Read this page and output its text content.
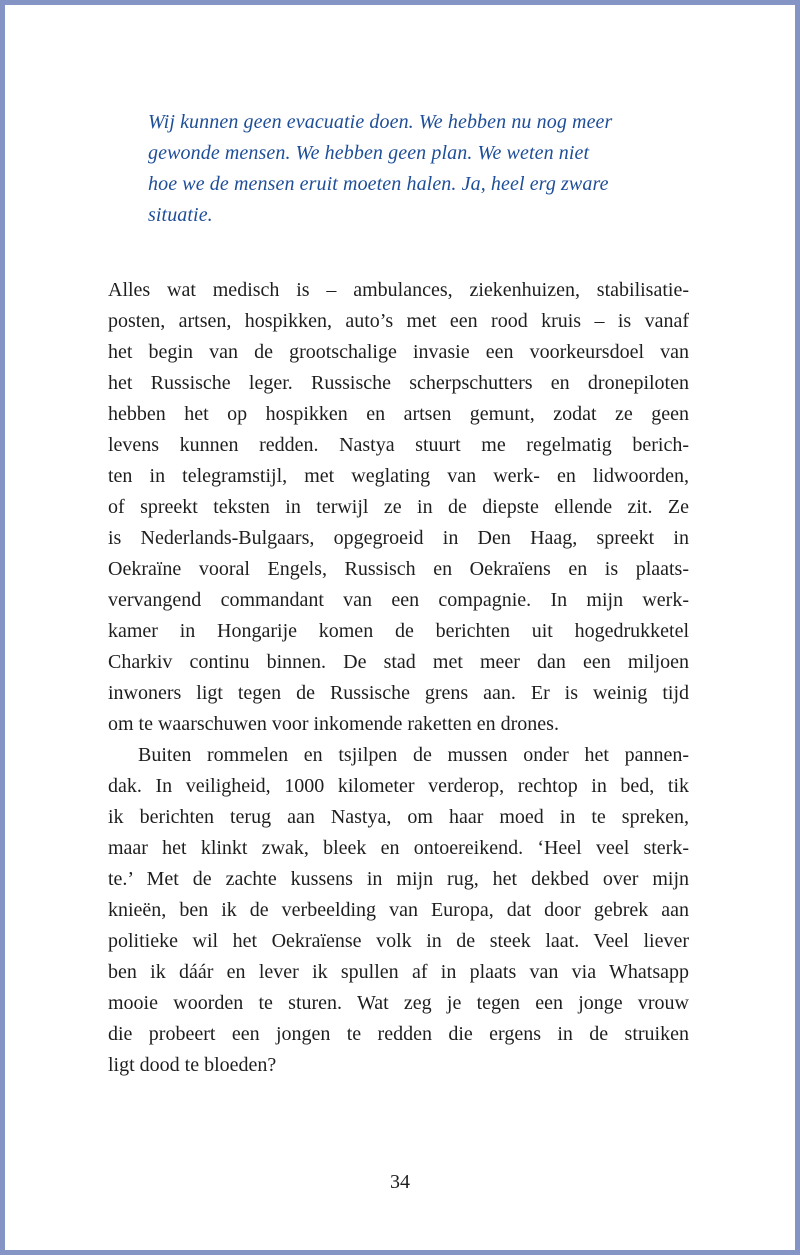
Wij kunnen geen evacuatie doen. We hebben nu nog meer
gewonde mensen. We hebben geen plan. We weten niet
hoe we de mensen eruit moeten halen. Ja, heel erg zware
situatie.
Alles wat medisch is – ambulances, ziekenhuizen, stabilisatie-
posten, artsen, hospikken, auto’s met een rood kruis – is vanaf
het begin van de grootschalige invasie een voorkeursdoel van
het Russische leger. Russische scherpschutters en dronepiloten
hebben het op hospikken en artsen gemunt, zodat ze geen
levens kunnen redden. Nastya stuurt me regelmatig berich-
ten in telegramstijl, met weglating van werk- en lidwoorden,
of spreekt teksten in terwijl ze in de diepste ellende zit. Ze
is Nederlands-Bulgaars, opgegroeid in Den Haag, spreekt in
Oekraïne vooral Engels, Russisch en Oekraïens en is plaats-
vervangend commandant van een compagnie. In mijn werk-
kamer in Hongarije komen de berichten uit hogedrukketel
Charkiv continu binnen. De stad met meer dan een miljoen
inwoners ligt tegen de Russische grens aan. Er is weinig tijd
om te waarschuwen voor inkomende raketten en drones.
Buiten rommelen en tsjilpen de mussen onder het pannen-
dak. In veiligheid, 1000 kilometer verderop, rechtop in bed, tik
ik berichten terug aan Nastya, om haar moed in te spreken,
maar het klinkt zwak, bleek en ontoereikend. ‘Heel veel sterk-
te.’ Met de zachte kussens in mijn rug, het dekbed over mijn
knieën, ben ik de verbeelding van Europa, dat door gebrek aan
politieke wil het Oekraïense volk in de steek laat. Veel liever
ben ik dáár en lever ik spullen af in plaats van via Whatsapp
mooie woorden te sturen. Wat zeg je tegen een jonge vrouw
die probeert een jongen te redden die ergens in de struiken
ligt dood te bloeden?
34
